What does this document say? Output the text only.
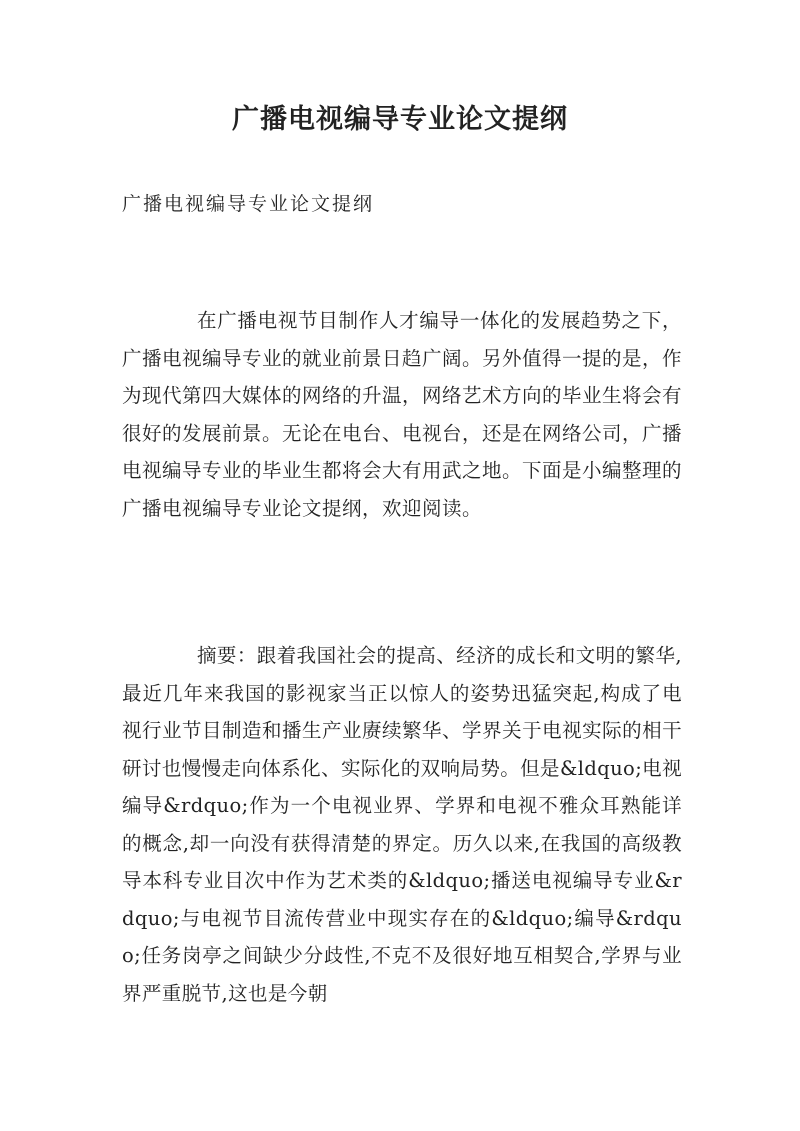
广播电视编导专业论文提纲

广播电视编导专业论文提纲

在广播电视节目制作人才编导一体化的发展趋势之下，广播电视编导专业的就业前景日趋广阔。另外值得一提的是，作为现代第四大媒体的网络的升温，网络艺术方向的毕业生将会有很好的发展前景。无论在电台、电视台，还是在网络公司，广播电视编导专业的毕业生都将会大有用武之地。下面是小编整理的广播电视编导专业论文提纲，欢迎阅读。

摘要：跟着我国社会的提高、经济的成长和文明的繁华,最近几年来我国的影视家当正以惊人的姿势迅猛突起,构成了电视行业节目制造和播生产业赓续繁华、学界关于电视实际的相干研讨也慢慢走向体系化、实际化的双响局势。但是&ldquo;电视编导&rdquo;作为一个电视业界、学界和电视不雅众耳熟能详的概念,却一向没有获得清楚的界定。历久以来,在我国的高级教导本科专业目次中作为艺术类的&ldquo;播送电视编导专业&rdquo;与电视节目流传营业中现实存在的&ldquo;编导&rdquo;任务岗亭之间缺少分歧性,不克不及很好地互相契合,学界与业界严重脱节,这也是今朝
